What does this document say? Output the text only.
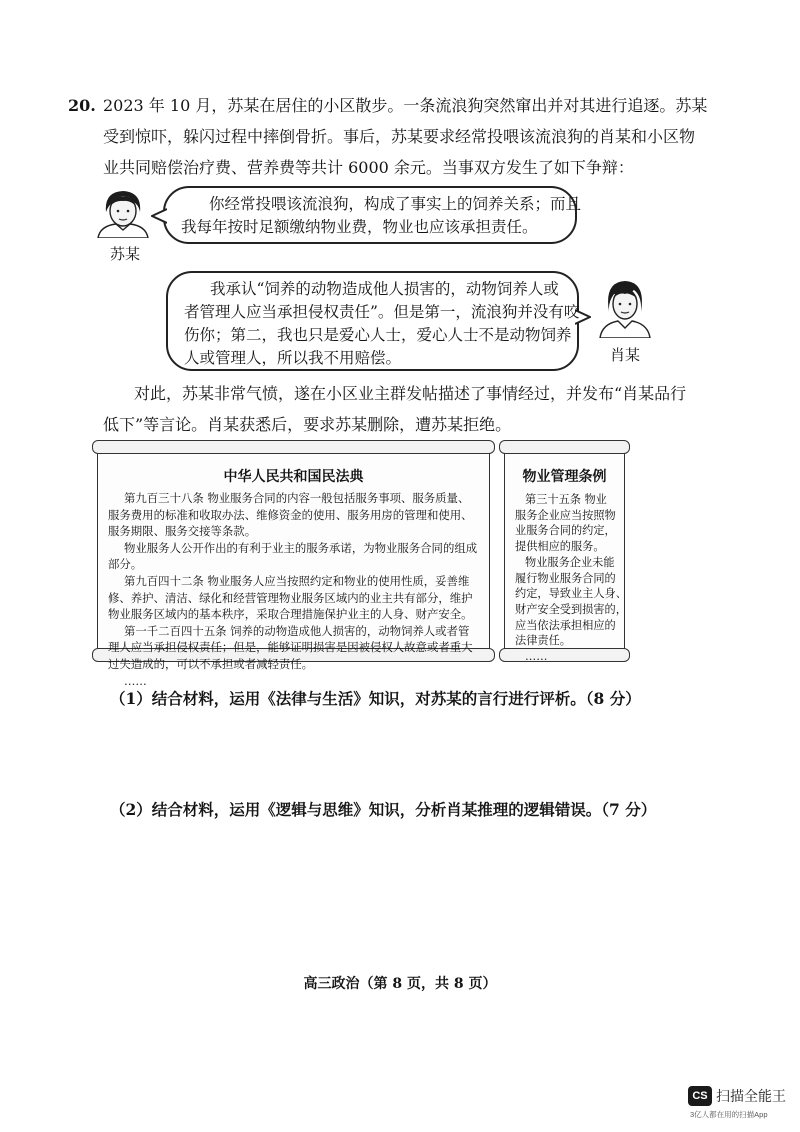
20. 2023 年 10 月，苏某在居住的小区散步。一条流浪狗突然窜出并对其进行追逐。苏某
受到惊吓，躲闪过程中摔倒骨折。事后，苏某要求经常投喂该流浪狗的肖某和小区物
业共同赔偿治疗费、营养费等共计 6000 余元。当事双方发生了如下争辩：
苏某
你经常投喂该流浪狗，构成了事实上的饲养关系；而且
我每年按时足额缴纳物业费，物业也应该承担责任。
我承认“饲养的动物造成他人损害的，动物饲养人或
者管理人应当承担侵权责任”。但是第一，流浪狗并没有咬
伤你；第二，我也只是爱心人士，爱心人士不是动物饲养
人或管理人，所以我不用赔偿。	肖某
对此，苏某非常气愤，遂在小区业主群发帖描述了事情经过，并发布“肖某品行
低下”等言论。肖某获悉后，要求苏某删除，遭苏某拒绝。
中华人民共和国民法典
第九百三十八条 物业服务合同的内容一般包括服务事项、服务质量、
服务费用的标准和收取办法、维修资金的使用、服务用房的管理和使用、
服务期限、服务交接等条款。
物业服务人公开作出的有利于业主的服务承诺，为物业服务合同的组成
部分。
第九百四十二条 物业服务人应当按照约定和物业的使用性质，妥善维
修、养护、清洁、绿化和经营管理物业服务区域内的业主共有部分，维护
物业服务区域内的基本秩序，采取合理措施保护业主的人身、财产安全。
第一千二百四十五条 饲养的动物造成他人损害的，动物饲养人或者管
理人应当承担侵权责任；但是，能够证明损害是因被侵权人故意或者重大
过失造成的，可以不承担或者减轻责任。
……
物业管理条例
第三十五条 物业
服务企业应当按照物
业服务合同的约定，
提供相应的服务。
物业服务企业未能
履行物业服务合同的
约定，导致业主人身、
财产安全受到损害的，
应当依法承担相应的
法律责任。
……
（1）结合材料，运用《法律与生活》知识，对苏某的言行进行评析。（8 分）
（2）结合材料，运用《逻辑与思维》知识，分析肖某推理的逻辑错误。（7 分）
高三政治（第 8 页，共 8 页）
CS 扫描全能王
3亿人都在用的扫描App
